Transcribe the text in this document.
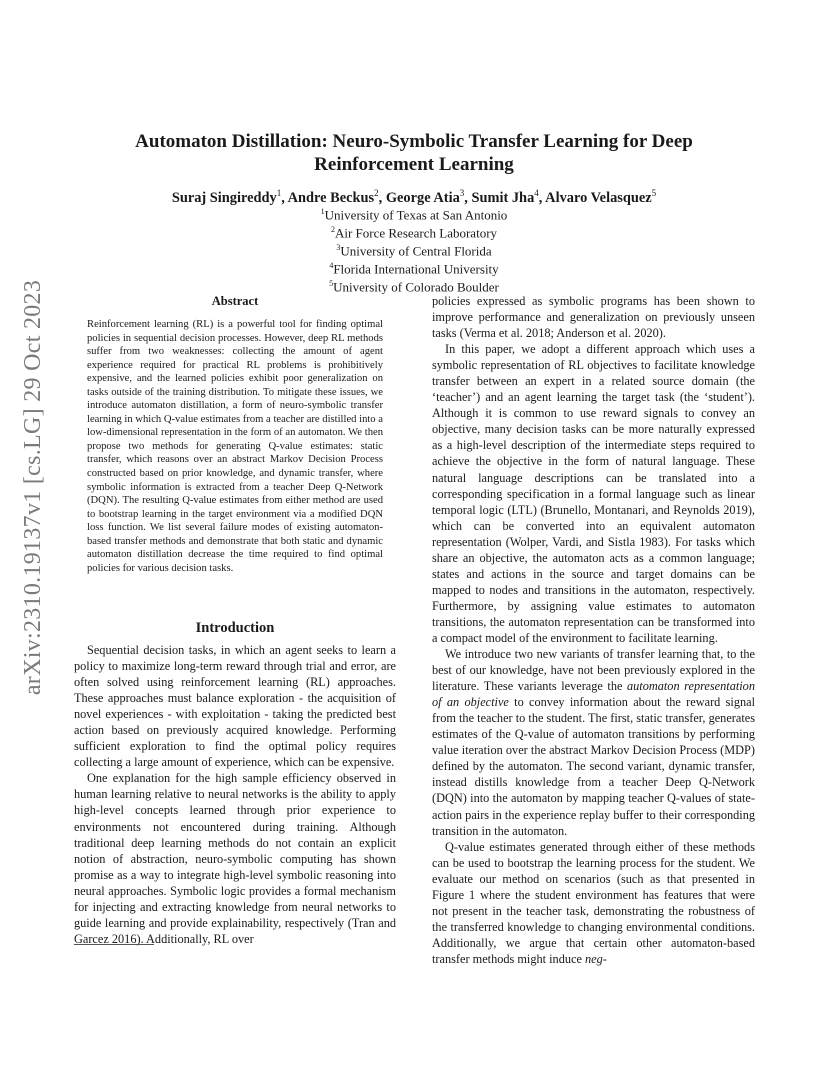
arXiv:2310.19137v1 [cs.LG] 29 Oct 2023
Automaton Distillation: Neuro-Symbolic Transfer Learning for Deep
Reinforcement Learning
Suraj Singireddy$^1$, Andre Beckus$^2$, George Atia$^3$, Sumit Jha$^4$, Alvaro Velasquez$^5$
$^1$University of Texas at San Antonio
$^2$Air Force Research Laboratory
$^3$University of Central Florida
$^4$Florida International University
$^5$University of Colorado Boulder
Abstract
Reinforcement learning (RL) is a powerful tool for finding optimal policies in sequential decision processes. However, deep RL methods suffer from two weaknesses: collecting the amount of agent experience required for practical RL problems is prohibitively expensive, and the learned policies exhibit poor generalization on tasks outside of the training distribution. To mitigate these issues, we introduce automaton distillation, a form of neuro-symbolic transfer learning in which Q-value estimates from a teacher are distilled into a low-dimensional representation in the form of an automaton. We then propose two methods for generating Q-value estimates: static transfer, which reasons over an abstract Markov Decision Process constructed based on prior knowledge, and dynamic transfer, where symbolic information is extracted from a teacher Deep Q-Network (DQN). The resulting Q-value estimates from either method are used to bootstrap learning in the target environment via a modified DQN loss function. We list several failure modes of existing automaton-based transfer methods and demonstrate that both static and dynamic automaton distillation decrease the time required to find optimal policies for various decision tasks.
Introduction

Sequential decision tasks, in which an agent seeks to learn a policy to maximize long-term reward through trial and error, are often solved using reinforcement learning (RL) approaches. These approaches must balance exploration - the acquisition of novel experiences - with exploitation - taking the predicted best action based on previously acquired knowledge. Performing sufficient exploration to find the optimal policy requires collecting a large amount of experience, which can be expensive.

One explanation for the high sample efficiency observed in human learning relative to neural networks is the ability to apply high-level concepts learned through prior experience to environments not encountered during training. Although traditional deep learning methods do not contain an explicit notion of abstraction, neuro-symbolic computing has shown promise as a way to integrate high-level symbolic reasoning into neural approaches. Symbolic logic provides a formal mechanism for injecting and extracting knowledge from neural networks to guide learning and provide explainability, respectively (Tran and Garcez 2016). Additionally, RL over

policies expressed as symbolic programs has been shown to improve performance and generalization on previously unseen tasks (Verma et al. 2018; Anderson et al. 2020).

In this paper, we adopt a different approach which uses a symbolic representation of RL objectives to facilitate knowledge transfer between an expert in a related source domain (the ‘teacher’) and an agent learning the target task (the ‘student’). Although it is common to use reward signals to convey an objective, many decision tasks can be more naturally expressed as a high-level description of the intermediate steps required to achieve the objective in the form of natural language. These natural language descriptions can be translated into a corresponding specification in a formal language such as linear temporal logic (LTL) (Brunello, Montanari, and Reynolds 2019), which can be converted into an equivalent automaton representation (Wolper, Vardi, and Sistla 1983). For tasks which share an objective, the automaton acts as a common language; states and actions in the source and target domains can be mapped to nodes and transitions in the automaton, respectively. Furthermore, by assigning value estimates to automaton transitions, the automaton representation can be transformed into a compact model of the environment to facilitate learning.

We introduce two new variants of transfer learning that, to the best of our knowledge, have not been previously explored in the literature. These variants leverage the automaton representation of an objective to convey information about the reward signal from the teacher to the student. The first, static transfer, generates estimates of the Q-value of automaton transitions by performing value iteration over the abstract Markov Decision Process (MDP) defined by the automaton. The second variant, dynamic transfer, instead distills knowledge from a teacher Deep Q-Network (DQN) into the automaton by mapping teacher Q-values of state-action pairs in the experience replay buffer to their corresponding transition in the automaton.

Q-value estimates generated through either of these methods can be used to bootstrap the learning process for the student. We evaluate our method on scenarios (such as that presented in Figure 1 where the student environment has features that were not present in the teacher task, demonstrating the robustness of the transferred knowledge to changing environmental conditions. Additionally, we argue that certain other automaton-based transfer methods might induce neg-
